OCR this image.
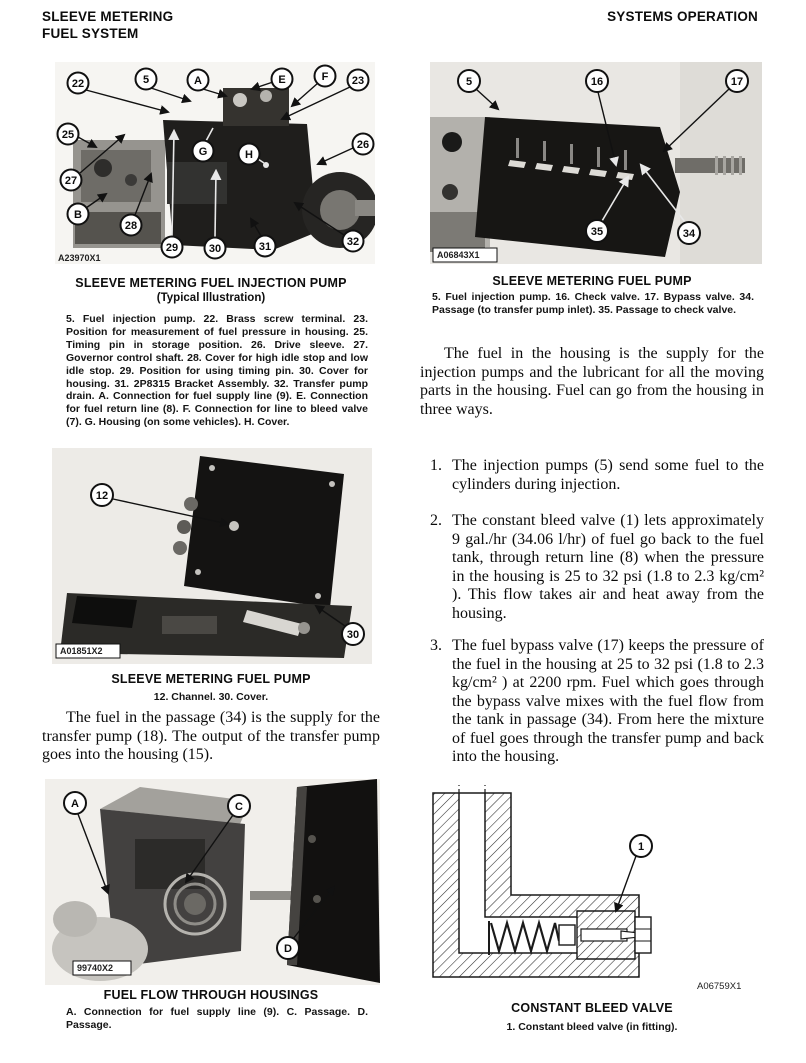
SLEEVE METERING
FUEL SYSTEM
SYSTEMS OPERATION
22	5	A	E	F 23
25
26
27
B
28
29	30	31	32
G	H
A23970X1
SLEEVE METERING FUEL INJECTION PUMP
(Typical Illustration)
5. Fuel injection pump. 22. Brass screw terminal. 23. Position for measurement of fuel pressure in housing. 25. Timing pin in storage position. 26. Drive sleeve. 27. Governor control shaft. 28. Cover for high idle stop and low idle stop. 29. Position for using timing pin. 30. Cover for housing. 31. 2P8315 Bracket Assembly. 32. Transfer pump drain. A. Connection for fuel supply line (9). E. Connection for fuel return line (8). F. Connection for line to bleed valve (7). G. Housing (on some vehicles). H. Cover.
12
30
A01851X2
SLEEVE METERING FUEL PUMP
12. Channel. 30. Cover.
The fuel in the passage (34) is the supply for the transfer pump (18). The output of the transfer pump goes into the housing (15).
A	C
D
99740X2
FUEL FLOW THROUGH HOUSINGS
A. Connection for fuel supply line (9). C. Passage. D. Passage.
5	16	17
35	34
A06843X1
SLEEVE METERING FUEL PUMP
5. Fuel injection pump. 16. Check valve. 17. Bypass valve. 34. Passage (to transfer pump inlet). 35. Passage to check valve.
The fuel in the housing is the supply for the injection pumps and the lubricant for all the moving parts in the housing. Fuel can go from the housing in three ways.
1. The injection pumps (5) send some fuel to the cylinders during injection.
2. The constant bleed valve (1) lets approximately 9 gal./hr (34.06 l/hr) of fuel go back to the fuel tank, through return line (8) when the pressure in the housing is 25 to 32 psi (1.8 to 2.3 kg/cm² ). This flow takes air and heat away from the housing.
3. The fuel bypass valve (17) keeps the pressure of the fuel in the housing at 25 to 32 psi (1.8 to 2.3 kg/cm² ) at 2200 rpm. Fuel which goes through the bypass valve mixes with the fuel flow from the tank in passage (34). From here the mixture of fuel goes through the transfer pump and back into the housing.
1
A06759X1
CONSTANT BLEED VALVE
1. Constant bleed valve (in fitting).
